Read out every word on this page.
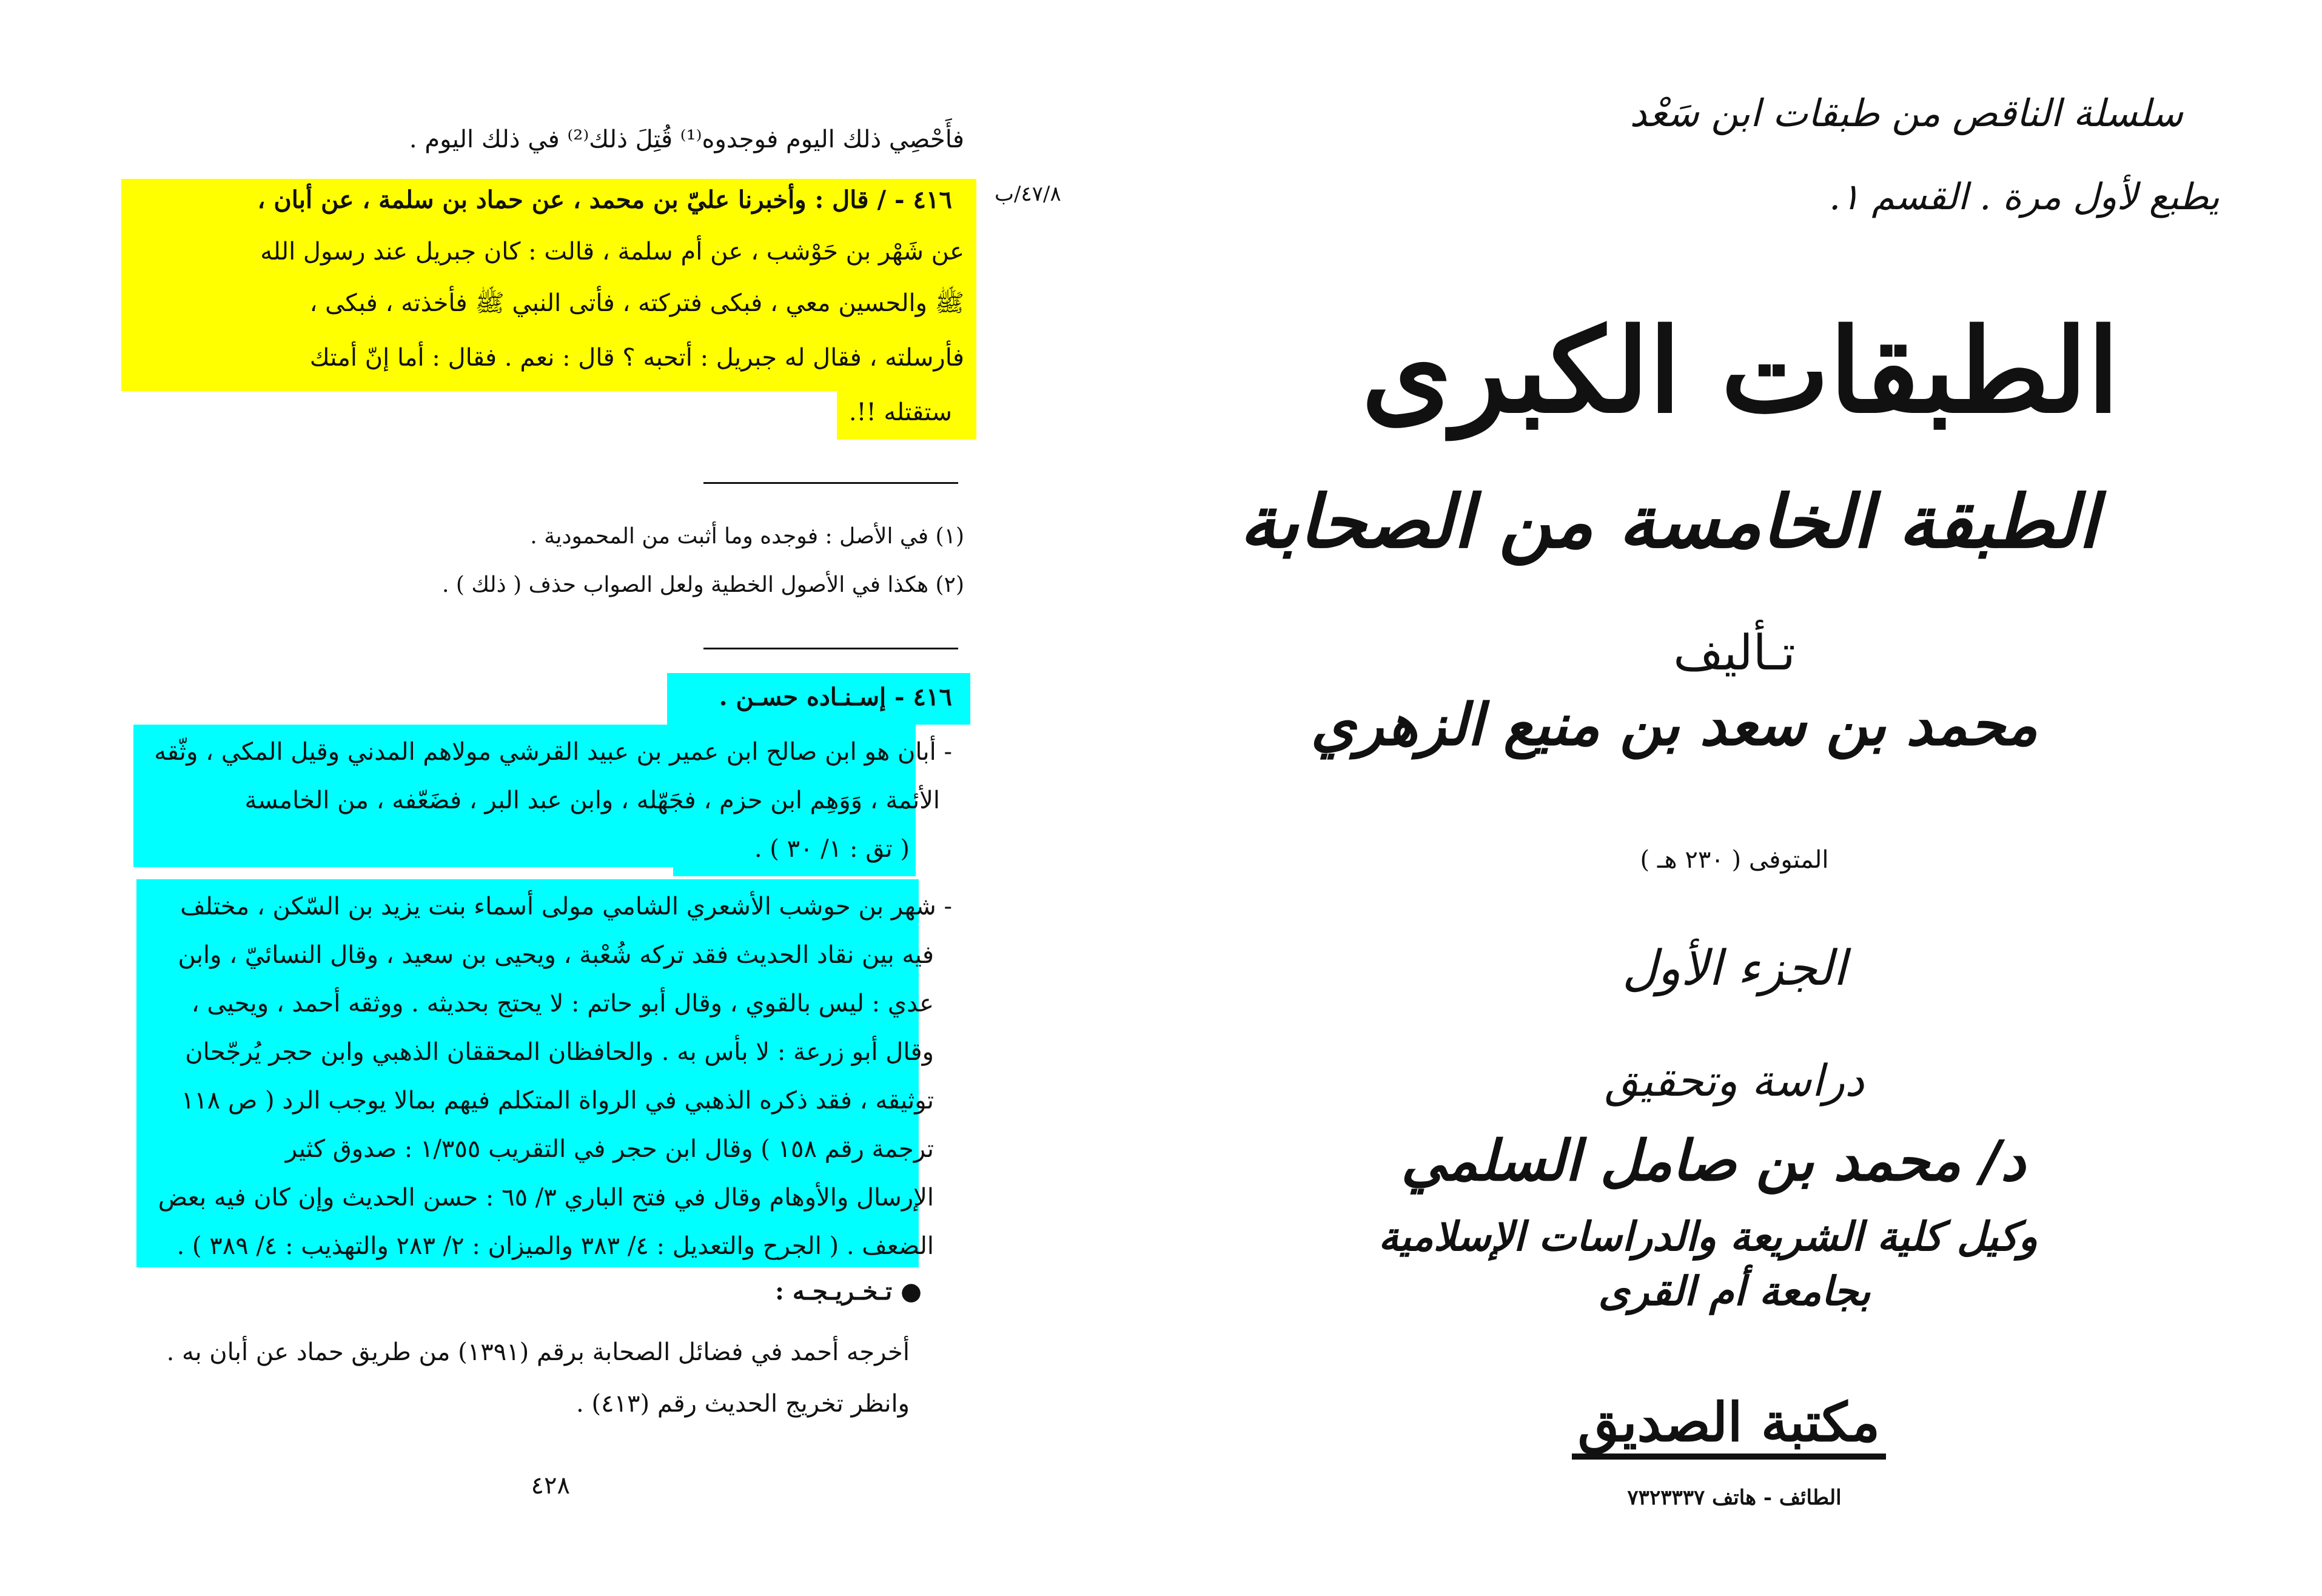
فأَحْصِي ذلك اليوم فوجدوه⁽¹⁾ قُتِلَ ذلك⁽²⁾ في ذلك اليوم .
٤٧/٨/ب
٤١٦ - / قال : وأخبرنا عليّ بن محمد ، عن حماد بن سلمة ، عن أبان ،
عن شَهْر بن حَوْشب ، عن أم سلمة ، قالت : كان جبريل عند رسول الله
ﷺ والحسين معي ، فبكى فتركته ، فأتى النبي ﷺ فأخذته ، فبكى ،
فأرسلته ، فقال له جبريل : أتحبه ؟ قال : نعم . فقال : أما إنّ أمتك
ستقتله !!.
(١) في الأصل : فوجده وما أثبت من المحمودية .
(٢) هكذا في الأصول الخطية ولعل الصواب حذف ( ذلك ) .
٤١٦ - إسـنـاده حسـن .
- أبان هو ابن صالح ابن عمير بن عبيد القرشي مولاهم المدني وقيل المكي ، وثّقه
الأئمة ، وَوَهِم ابن حزم ، فجَهّله ، وابن عبد البر ، فضَعّفه ، من الخامسة
( تق : ١/ ٣٠ ) .
- شهر بن حوشب الأشعري الشامي مولى أسماء بنت يزيد بن السّكن ، مختلف
فيه بين نقاد الحديث فقد تركه شُعْبة ، ويحيى بن سعيد ، وقال النسائيّ ، وابن
عدي : ليس بالقوي ، وقال أبو حاتم : لا يحتج بحديثه . ووثقه أحمد ، ويحيى ،
وقال أبو زرعة : لا بأس به . والحافظان المحققان الذهبي وابن حجر يُرجّحان
توثيقه ، فقد ذكره الذهبي في الرواة المتكلم فيهم بمالا يوجب الرد ( ص ١١٨
ترجمة رقم ١٥٨ ) وقال ابن حجر في التقريب ١/٣٥٥ : صدوق كثير
الإرسال والأوهام وقال في فتح الباري ٣/ ٦٥ : حسن الحديث وإن كان فيه بعض
الضعف . ( الجرح والتعديل : ٤/ ٣٨٣ والميزان : ٢/ ٢٨٣ والتهذيب : ٤/ ٣٨٩ ) .
● تـخـريـجـه :
أخرجه أحمد في فضائل الصحابة برقم (١٣٩١) من طريق حماد عن أبان به .
وانظر تخريج الحديث رقم (٤١٣) .
٤٢٨
سلسلة الناقص من طبقات ابن سَعْد
يطبع لأول مرة . القسم ١.
الطبقات الكبرى
الطبقة الخامسة من الصحابة
تـأليف
محمد بن سعد بن منيع الزهري
المتوفى ( ٢٣٠ هـ )
الجزء الأول
دراسة وتحقيق
د/ محمد بن صامل السلمي
وكيل كلية الشريعة والدراسات الإسلامية
بجامعة أم القرى
مكتبة الصديق
الطائف - هاتف ٧٣٢٣٣٣٧
